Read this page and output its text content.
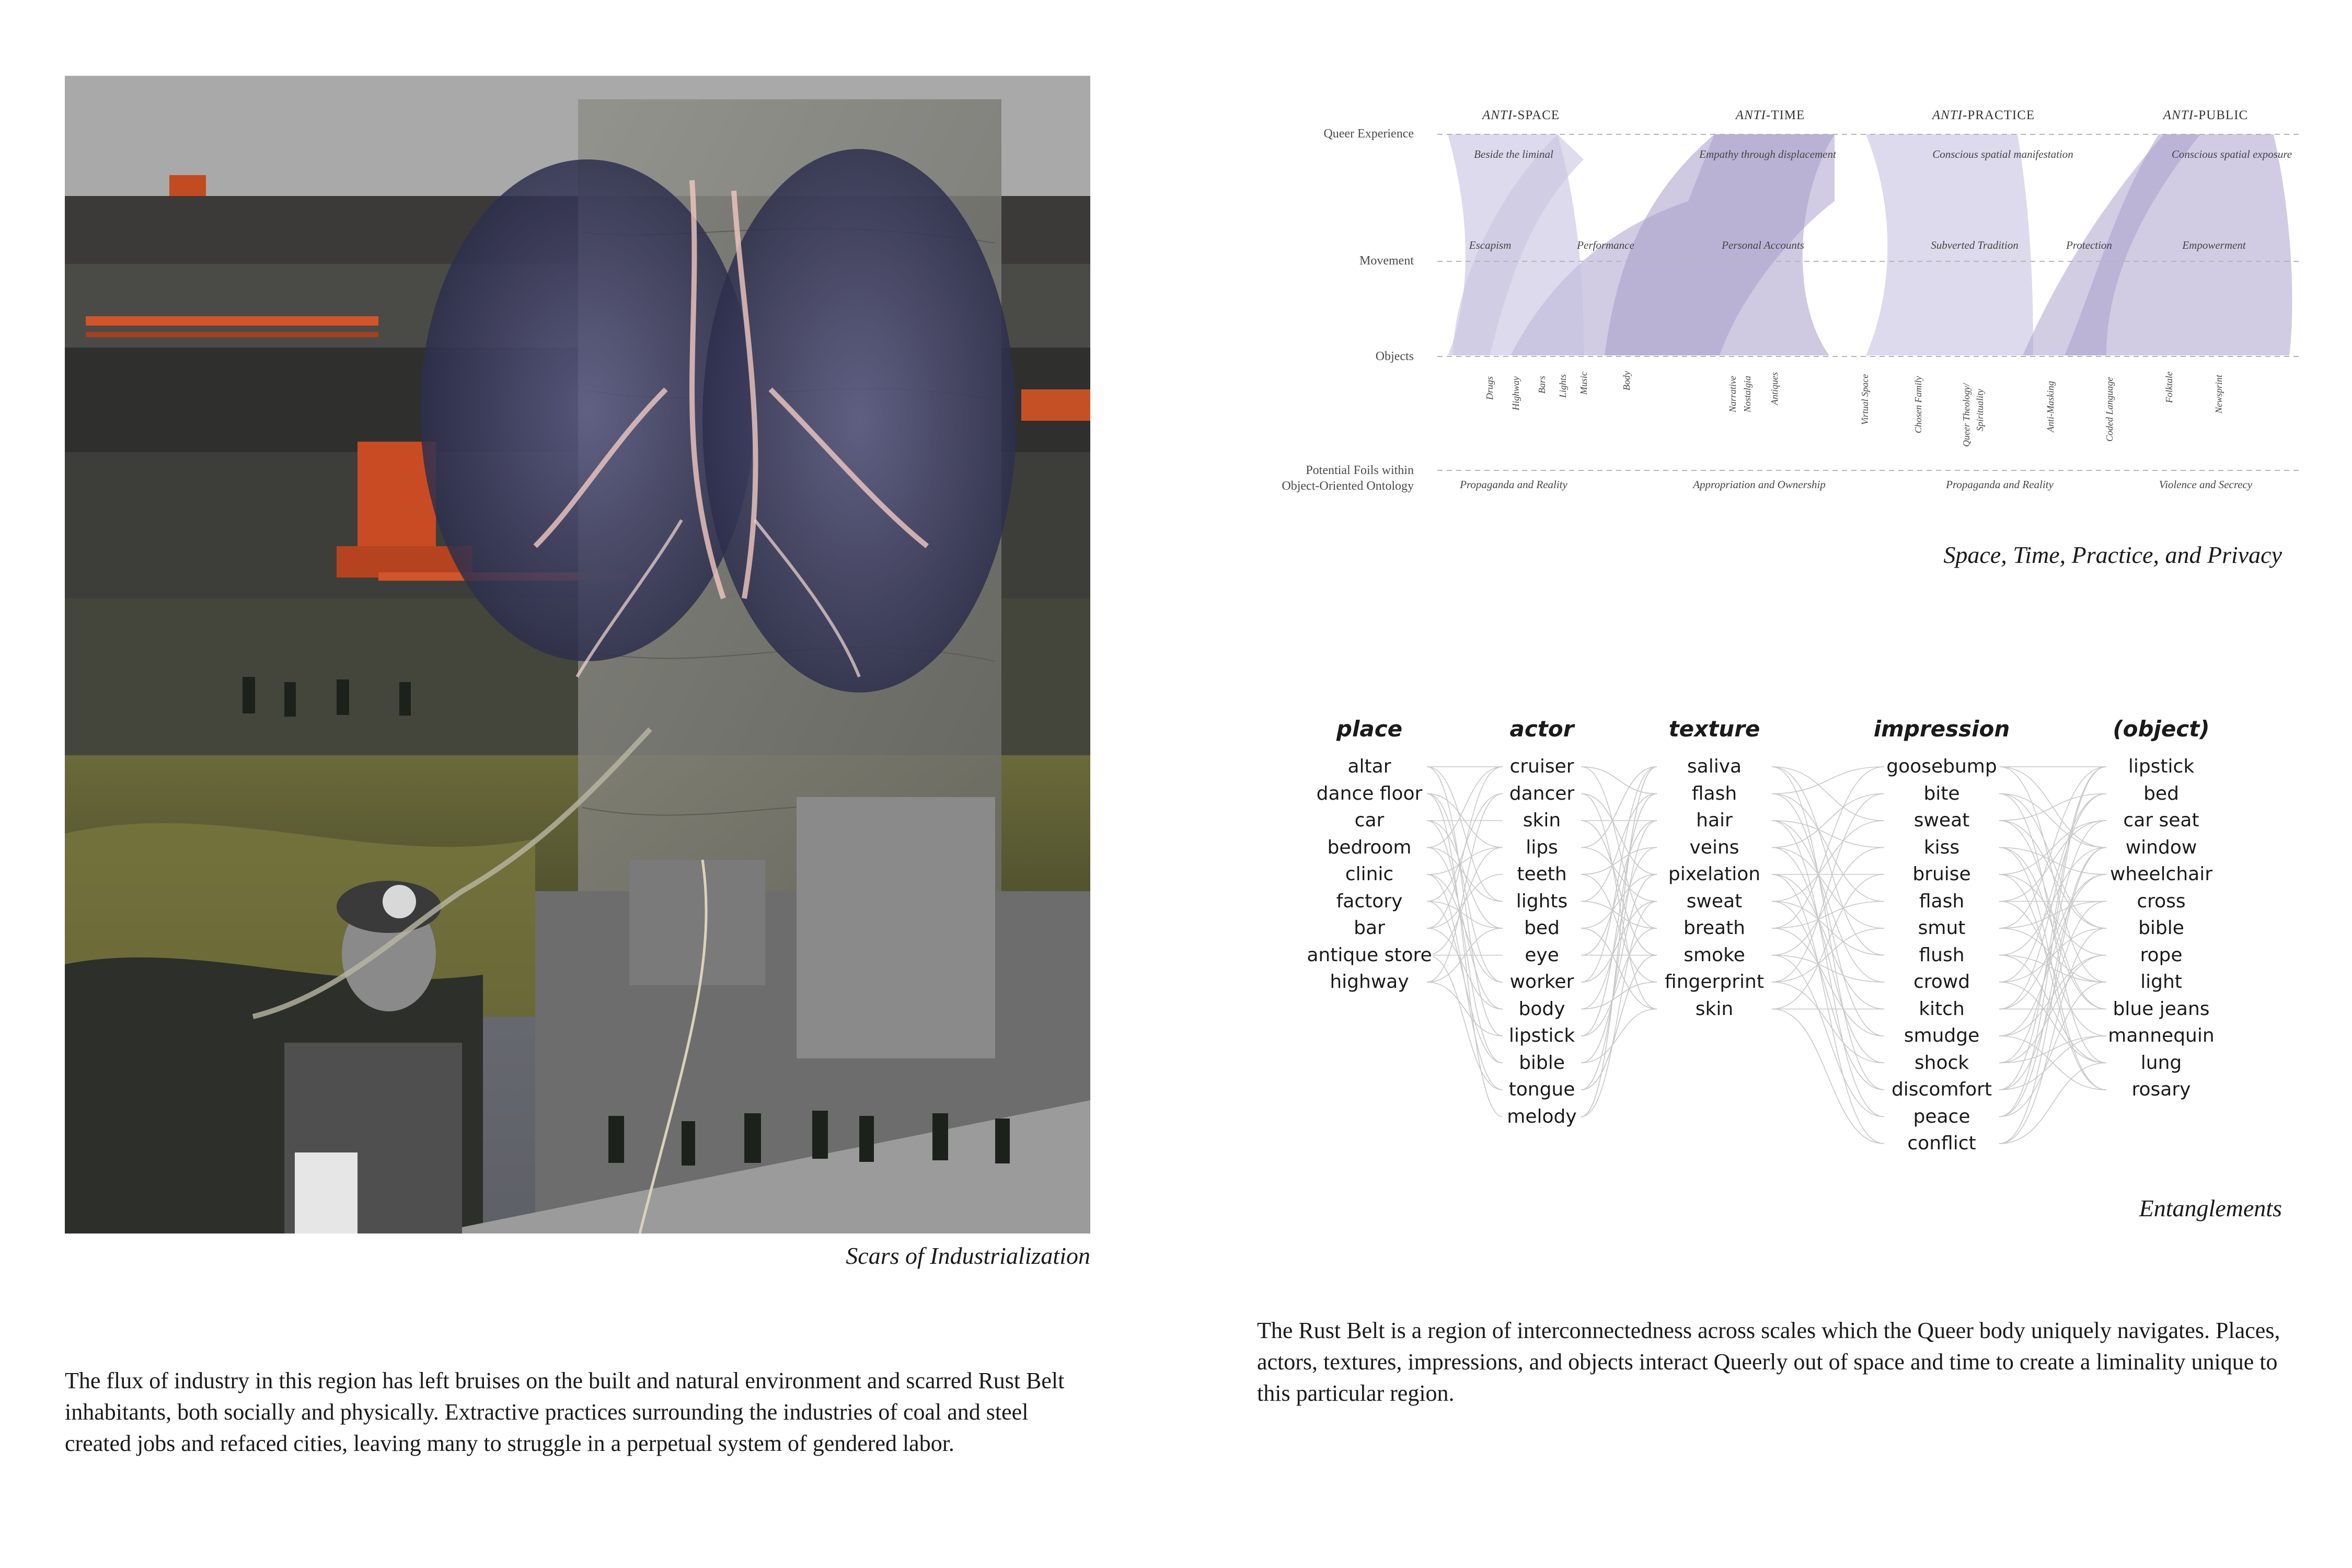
Scars of Industrialization
The flux of industry in this region has left bruises on the built and natural environment and scarred Rust Belt inhabitants, both socially and physically. Extractive practices surrounding the industries of coal and steel created jobs and refaced cities, leaving many to struggle in a perpetual system of gendered labor.
Queer Experience
Movement
Objects
Potential Foils within
Object-Oriented Ontology
ANTI-SPACE	ANTI-TIME	ANTI-PRACTICE	ANTI-PUBLIC
Beside the liminal	Empathy through displacement	Conscious spatial manifestation	Conscious spatial exposure
Escapism	Performance	Personal Accounts	Subverted Tradition	Protection	Empowerment
Drugs Highway Bars Lights Music	Body	Narrative Nostalgia Antiques	Virtual Space	Chosen Family	Queer Theology/ Spirituality	Anti-Masking	Coded Language	Folktale	Newsprint
Propaganda and Reality	Appropriation and Ownership	Propaganda and Reality	Violence and Secrecy
Space, Time, Practice, and Privacy
place	actor	texture	impression	(object)
altar
dance floor
car
bedroom
clinic
factory
bar
antique store
highway
cruiser
dancer
skin
lips
teeth
lights
bed
eye
worker
body
lipstick
bible
tongue
melody
saliva
flash
hair
veins
pixelation
sweat
breath
smoke
fingerprint
skin
goosebump
bite
sweat
kiss
bruise
flash
smut
flush
crowd
kitch
smudge
shock
discomfort
peace
conflict
lipstick
bed
car seat
window
wheelchair
cross
bible
rope
light
blue jeans
mannequin
lung
rosary
Entanglements
The Rust Belt is a region of interconnectedness across scales which the Queer body uniquely navigates. Places, actors, textures, impressions, and objects interact Queerly out of space and time to create a liminality unique to this particular region.
